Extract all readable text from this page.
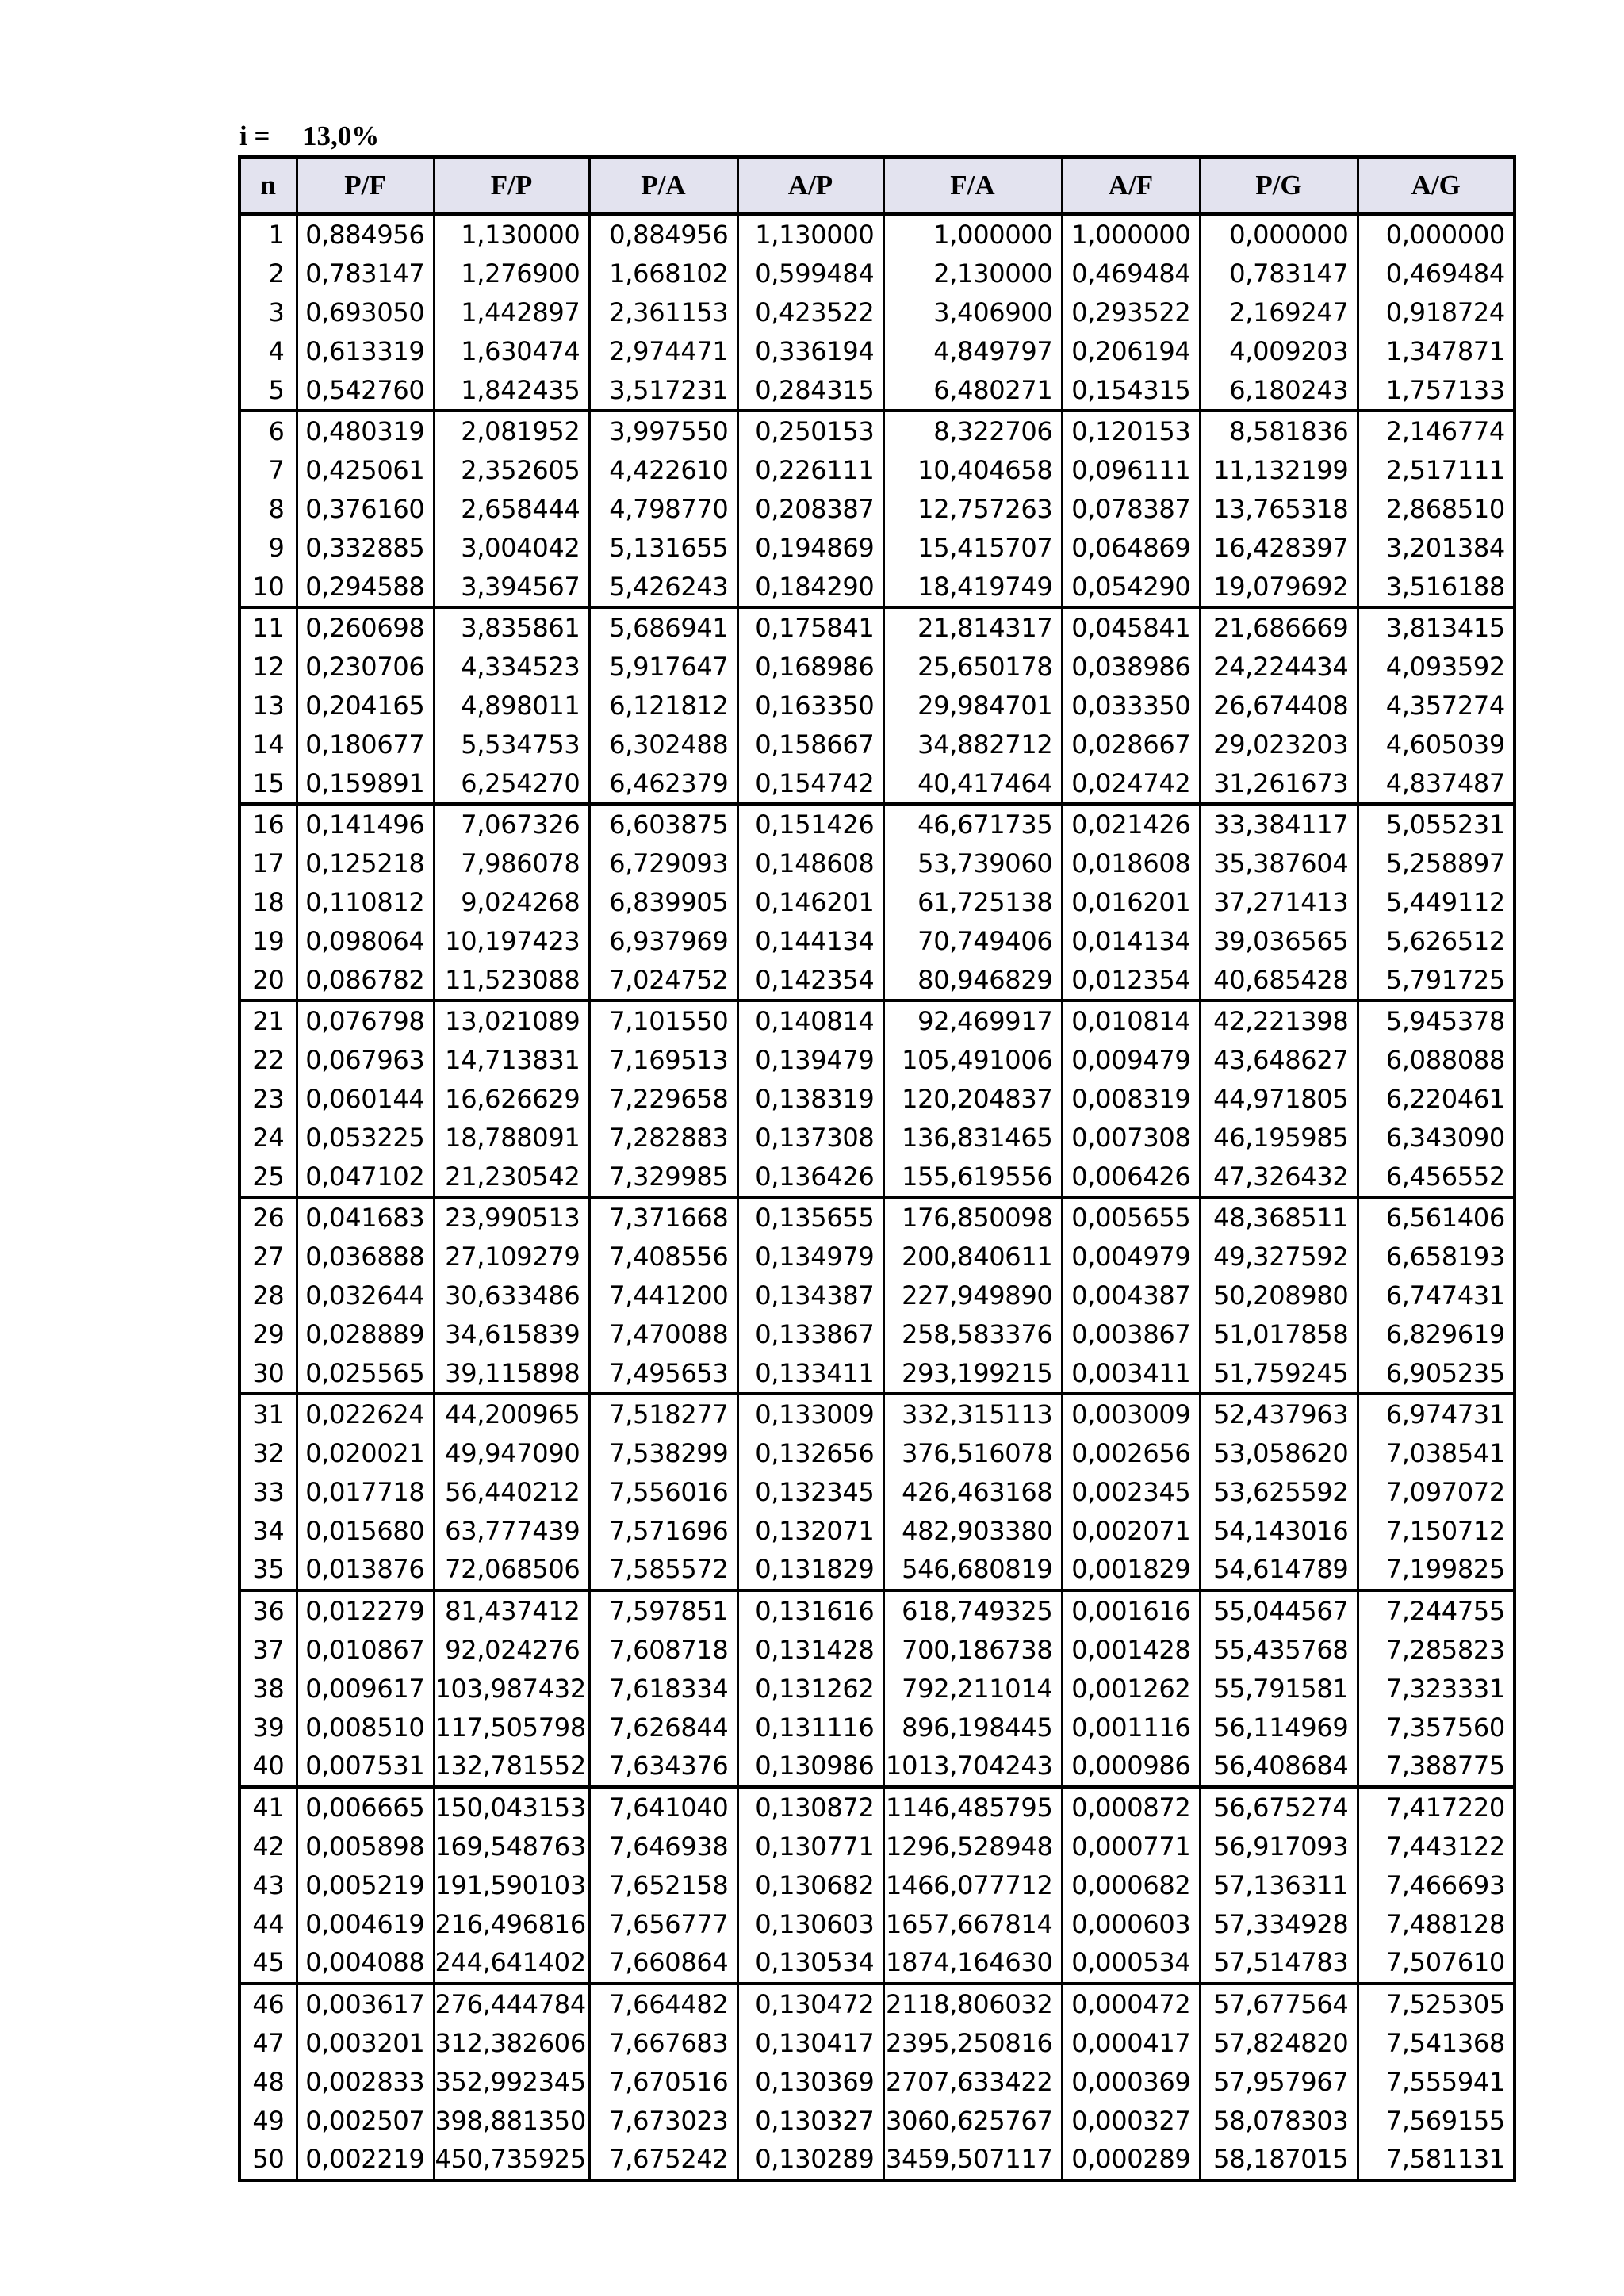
i = 13,0%
n	P/F	F/P	P/A	A/P	F/A	A/F	P/G	A/G
1	0,884956	1,130000	0,884956	1,130000	1,000000	1,000000	0,000000	0,000000
2	0,783147	1,276900	1,668102	0,599484	2,130000	0,469484	0,783147	0,469484
3	0,693050	1,442897	2,361153	0,423522	3,406900	0,293522	2,169247	0,918724
4	0,613319	1,630474	2,974471	0,336194	4,849797	0,206194	4,009203	1,347871
5	0,542760	1,842435	3,517231	0,284315	6,480271	0,154315	6,180243	1,757133
6	0,480319	2,081952	3,997550	0,250153	8,322706	0,120153	8,581836	2,146774
7	0,425061	2,352605	4,422610	0,226111	10,404658	0,096111	11,132199	2,517111
8	0,376160	2,658444	4,798770	0,208387	12,757263	0,078387	13,765318	2,868510
9	0,332885	3,004042	5,131655	0,194869	15,415707	0,064869	16,428397	3,201384
10	0,294588	3,394567	5,426243	0,184290	18,419749	0,054290	19,079692	3,516188
11	0,260698	3,835861	5,686941	0,175841	21,814317	0,045841	21,686669	3,813415
12	0,230706	4,334523	5,917647	0,168986	25,650178	0,038986	24,224434	4,093592
13	0,204165	4,898011	6,121812	0,163350	29,984701	0,033350	26,674408	4,357274
14	0,180677	5,534753	6,302488	0,158667	34,882712	0,028667	29,023203	4,605039
15	0,159891	6,254270	6,462379	0,154742	40,417464	0,024742	31,261673	4,837487
16	0,141496	7,067326	6,603875	0,151426	46,671735	0,021426	33,384117	5,055231
17	0,125218	7,986078	6,729093	0,148608	53,739060	0,018608	35,387604	5,258897
18	0,110812	9,024268	6,839905	0,146201	61,725138	0,016201	37,271413	5,449112
19	0,098064	10,197423	6,937969	0,144134	70,749406	0,014134	39,036565	5,626512
20	0,086782	11,523088	7,024752	0,142354	80,946829	0,012354	40,685428	5,791725
21	0,076798	13,021089	7,101550	0,140814	92,469917	0,010814	42,221398	5,945378
22	0,067963	14,713831	7,169513	0,139479	105,491006	0,009479	43,648627	6,088088
23	0,060144	16,626629	7,229658	0,138319	120,204837	0,008319	44,971805	6,220461
24	0,053225	18,788091	7,282883	0,137308	136,831465	0,007308	46,195985	6,343090
25	0,047102	21,230542	7,329985	0,136426	155,619556	0,006426	47,326432	6,456552
26	0,041683	23,990513	7,371668	0,135655	176,850098	0,005655	48,368511	6,561406
27	0,036888	27,109279	7,408556	0,134979	200,840611	0,004979	49,327592	6,658193
28	0,032644	30,633486	7,441200	0,134387	227,949890	0,004387	50,208980	6,747431
29	0,028889	34,615839	7,470088	0,133867	258,583376	0,003867	51,017858	6,829619
30	0,025565	39,115898	7,495653	0,133411	293,199215	0,003411	51,759245	6,905235
31	0,022624	44,200965	7,518277	0,133009	332,315113	0,003009	52,437963	6,974731
32	0,020021	49,947090	7,538299	0,132656	376,516078	0,002656	53,058620	7,038541
33	0,017718	56,440212	7,556016	0,132345	426,463168	0,002345	53,625592	7,097072
34	0,015680	63,777439	7,571696	0,132071	482,903380	0,002071	54,143016	7,150712
35	0,013876	72,068506	7,585572	0,131829	546,680819	0,001829	54,614789	7,199825
36	0,012279	81,437412	7,597851	0,131616	618,749325	0,001616	55,044567	7,244755
37	0,010867	92,024276	7,608718	0,131428	700,186738	0,001428	55,435768	7,285823
38	0,009617	103,987432	7,618334	0,131262	792,211014	0,001262	55,791581	7,323331
39	0,008510	117,505798	7,626844	0,131116	896,198445	0,001116	56,114969	7,357560
40	0,007531	132,781552	7,634376	0,130986	1013,704243	0,000986	56,408684	7,388775
41	0,006665	150,043153	7,641040	0,130872	1146,485795	0,000872	56,675274	7,417220
42	0,005898	169,548763	7,646938	0,130771	1296,528948	0,000771	56,917093	7,443122
43	0,005219	191,590103	7,652158	0,130682	1466,077712	0,000682	57,136311	7,466693
44	0,004619	216,496816	7,656777	0,130603	1657,667814	0,000603	57,334928	7,488128
45	0,004088	244,641402	7,660864	0,130534	1874,164630	0,000534	57,514783	7,507610
46	0,003617	276,444784	7,664482	0,130472	2118,806032	0,000472	57,677564	7,525305
47	0,003201	312,382606	7,667683	0,130417	2395,250816	0,000417	57,824820	7,541368
48	0,002833	352,992345	7,670516	0,130369	2707,633422	0,000369	57,957967	7,555941
49	0,002507	398,881350	7,673023	0,130327	3060,625767	0,000327	58,078303	7,569155
50	0,002219	450,735925	7,675242	0,130289	3459,507117	0,000289	58,187015	7,581131
